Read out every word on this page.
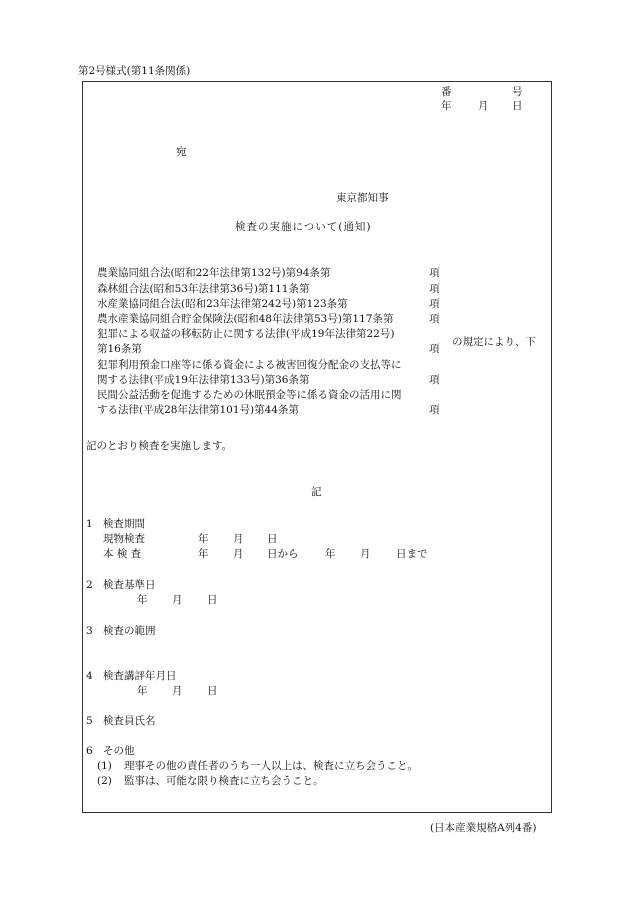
第2号様式(第11条関係)
番	号
年	月 日
宛
東京都知事
検査の実施について(通知)
農業協同組合法(昭和22年法律第132号)第94条第	項
森林組合法(昭和53年法律第36号)第111条第	項
水産業協同組合法(昭和23年法律第242号)第123条第	項
農水産業協同組合貯金保険法(昭和48年法律第53号)第117条第	項
犯罪による収益の移転防止に関する法律(平成19年法律第22号)
第16条第	項
犯罪利用預金口座等に係る資金による被害回復分配金の支払等に
関する法律(平成19年法律第133号)第36条第	項
民間公益活動を促進するための休眠預金等に係る資金の活用に関
する法律(平成28年法律第101号)第44条第	項
の規定により、下
記のとおり検査を実施します。
記
1 検査期間
現物検査	年 月 日
本 検 査	年 月 日から	年 月 日まで
2 検査基準日
年 月 日
3 検査の範囲
4 検査講評年月日
年 月 日
5 検査員氏名
6 その他
(1) 理事その他の責任者のうち一人以上は、検査に立ち会うこと。
(2) 監事は、可能な限り検査に立ち会うこと。
(日本産業規格A列4番)
